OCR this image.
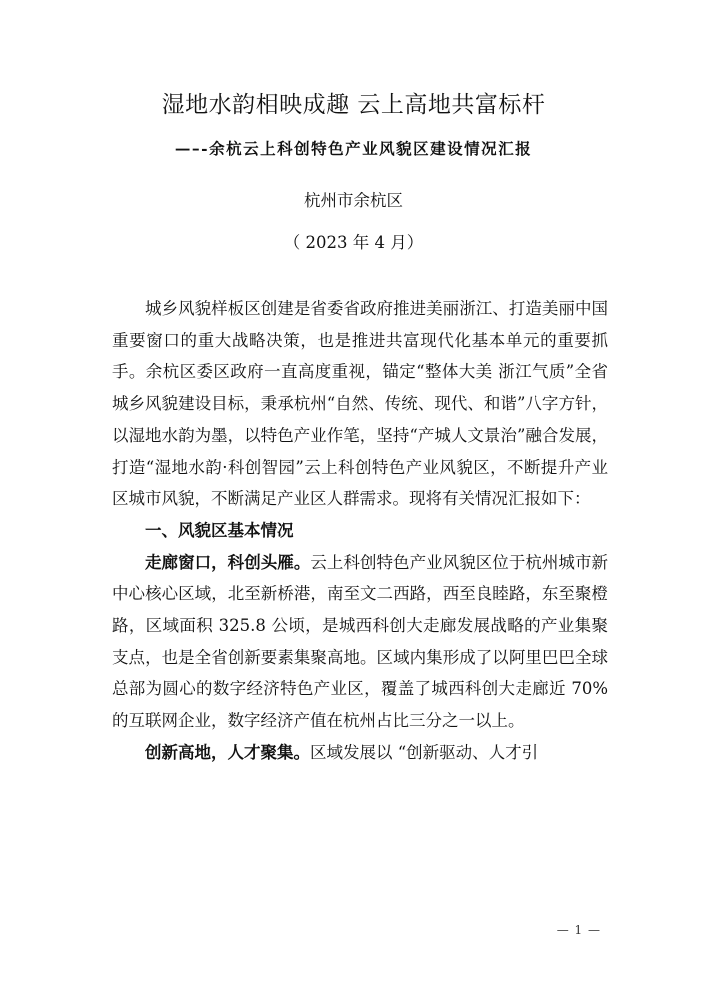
湿地水韵相映成趣 云上高地共富标杆
—–-余杭云上科创特色产业风貌区建设情况汇报
杭州市余杭区
（ 2023 年 4 月）

城乡风貌样板区创建是省委省政府推进美丽浙江、打造美丽中国重要窗口的重大战略决策，也是推进共富现代化基本单元的重要抓手。余杭区委区政府一直高度重视，锚定“整体大美 浙江气质”全省城乡风貌建设目标，秉承杭州“自然、传统、现代、和谐”八字方针，以湿地水韵为墨，以特色产业作笔，坚持“产城人文景治”融合发展，打造“湿地水韵·科创智园”云上科创特色产业风貌区，不断提升产业区城市风貌，不断满足产业区人群需求。现将有关情况汇报如下：

一、风貌区基本情况

走廊窗口，科创头雁。云上科创特色产业风貌区位于杭州城市新中心核心区域，北至新桥港，南至文二西路，西至良睦路，东至聚橙路，区域面积 325.8 公顷，是城西科创大走廊发展战略的产业集聚支点，也是全省创新要素集聚高地。区域内集形成了以阿里巴巴全球总部为圆心的数字经济特色产业区，覆盖了城西科创大走廊近 70%的互联网企业，数字经济产值在杭州占比三分之一以上。

创新高地，人才聚集。区域发展以 “创新驱动、人才引

— 1 —
